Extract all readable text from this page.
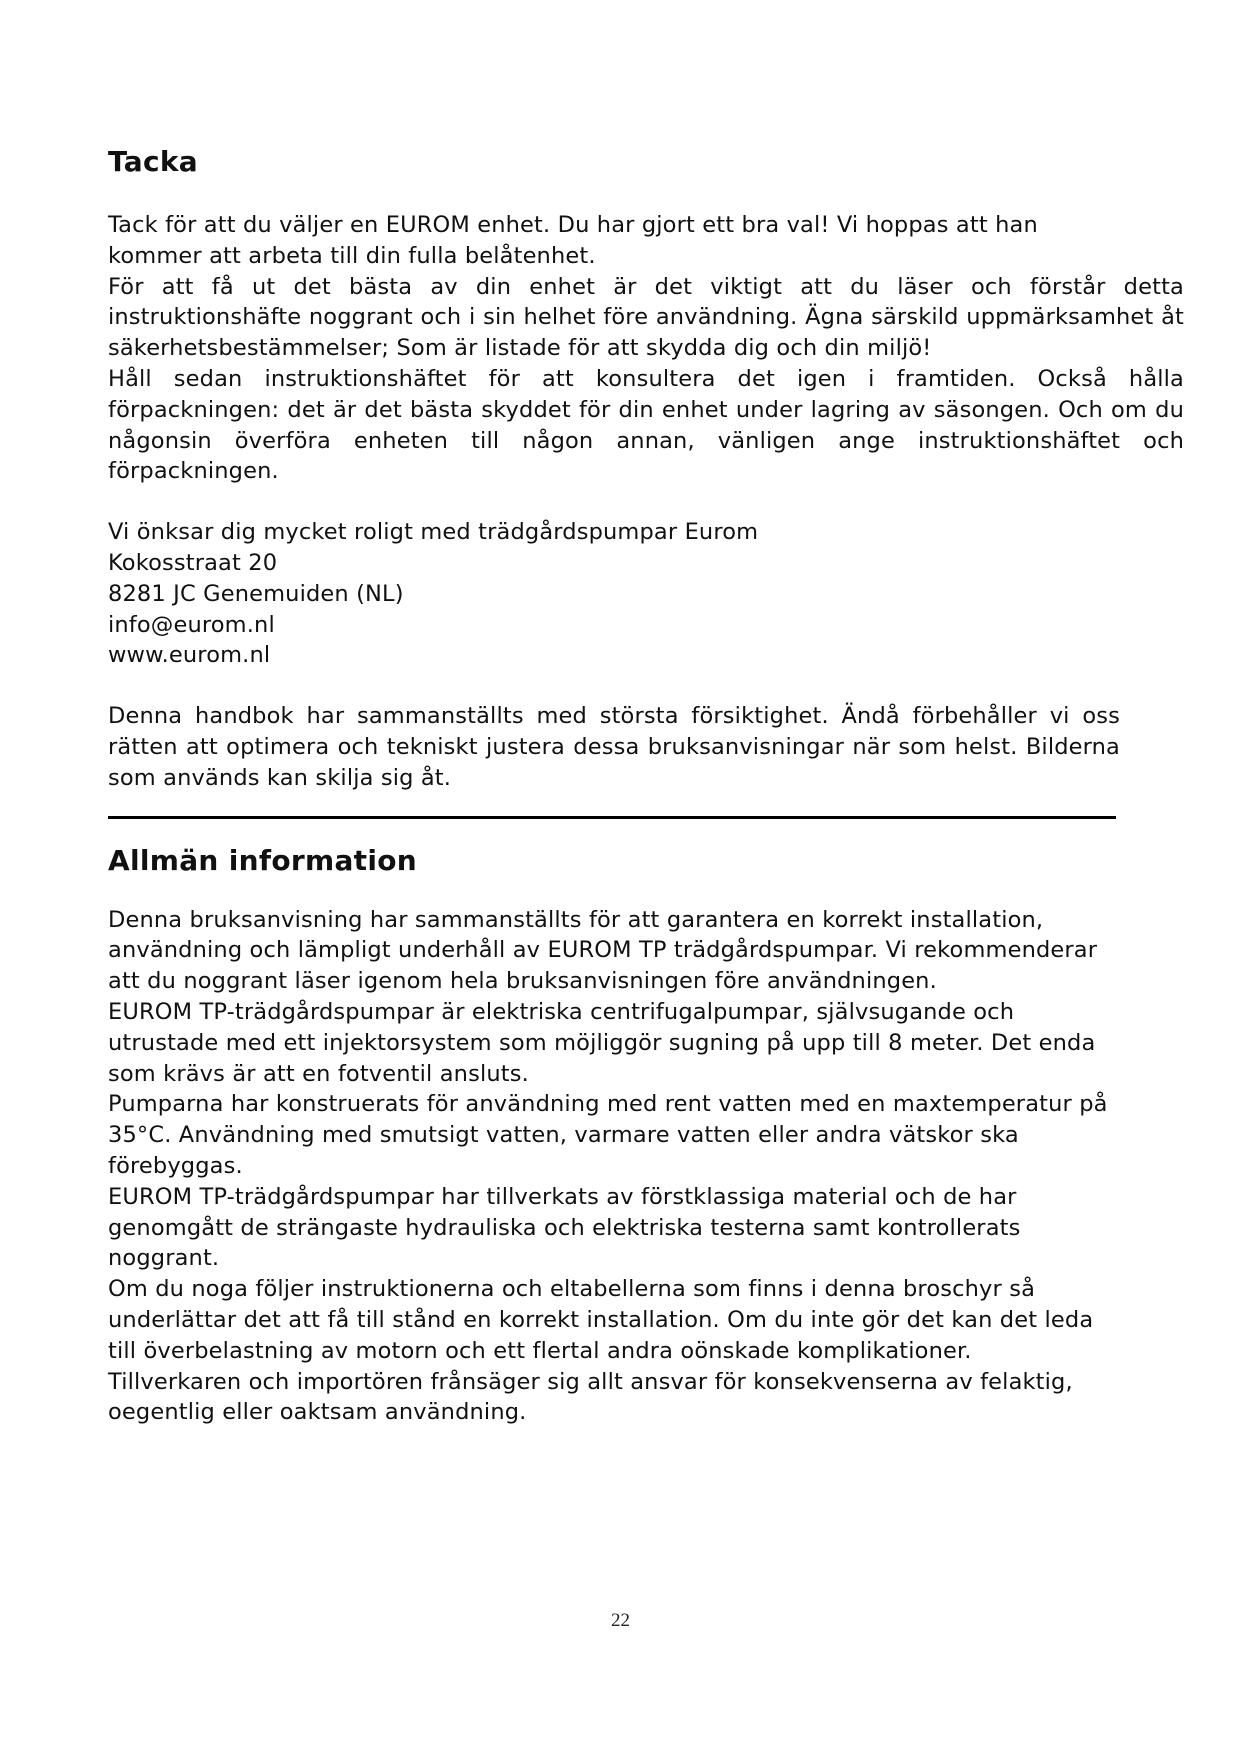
Tacka

Tack för att du väljer en EUROM enhet. Du har gjort ett bra val! Vi hoppas att han kommer att arbeta till din fulla belåtenhet.

För att få ut det bästa av din enhet är det viktigt att du läser och förstår detta instruktionshäfte noggrant och i sin helhet före användning. Ägna särskild uppmärksamhet åt säkerhetsbestämmelser; Som är listade för att skydda dig och din miljö!

Håll sedan instruktionshäftet för att konsultera det igen i framtiden. Också hålla förpackningen: det är det bästa skyddet för din enhet under lagring av säsongen. Och om du någonsin överföra enheten till någon annan, vänligen ange instruktionshäftet och förpackningen.

Vi önksar dig mycket roligt med trädgårdspumpar Eurom

Kokosstraat 20

8281 JC Genemuiden (NL)

info@eurom.nl

www.eurom.nl

Denna handbok har sammanställts med största försiktighet. Ändå förbehåller vi oss rätten att optimera och tekniskt justera dessa bruksanvisningar när som helst. Bilderna som används kan skilja sig åt.

Allmän information

Denna bruksanvisning har sammanställts för att garantera en korrekt installation, användning och lämpligt underhåll av EUROM TP trädgårdspumpar. Vi rekommenderar att du noggrant läser igenom hela bruksanvisningen före användningen.

EUROM TP-trädgårdspumpar är elektriska centrifugalpumpar, självsugande och utrustade med ett injektorsystem som möjliggör sugning på upp till 8 meter. Det enda som krävs är att en fotventil ansluts.

Pumparna har konstruerats för användning med rent vatten med en maxtemperatur på 35°C. Användning med smutsigt vatten, varmare vatten eller andra vätskor ska förebyggas.

EUROM TP-trädgårdspumpar har tillverkats av förstklassiga material och de har genomgått de strängaste hydrauliska och elektriska testerna samt kontrollerats noggrant.

Om du noga följer instruktionerna och eltabellerna som finns i denna broschyr så underlättar det att få till stånd en korrekt installation. Om du inte gör det kan det leda till överbelastning av motorn och ett flertal andra oönskade komplikationer.

Tillverkaren och importören frånsäger sig allt ansvar för konsekvenserna av felaktig, oegentlig eller oaktsam användning.

22
